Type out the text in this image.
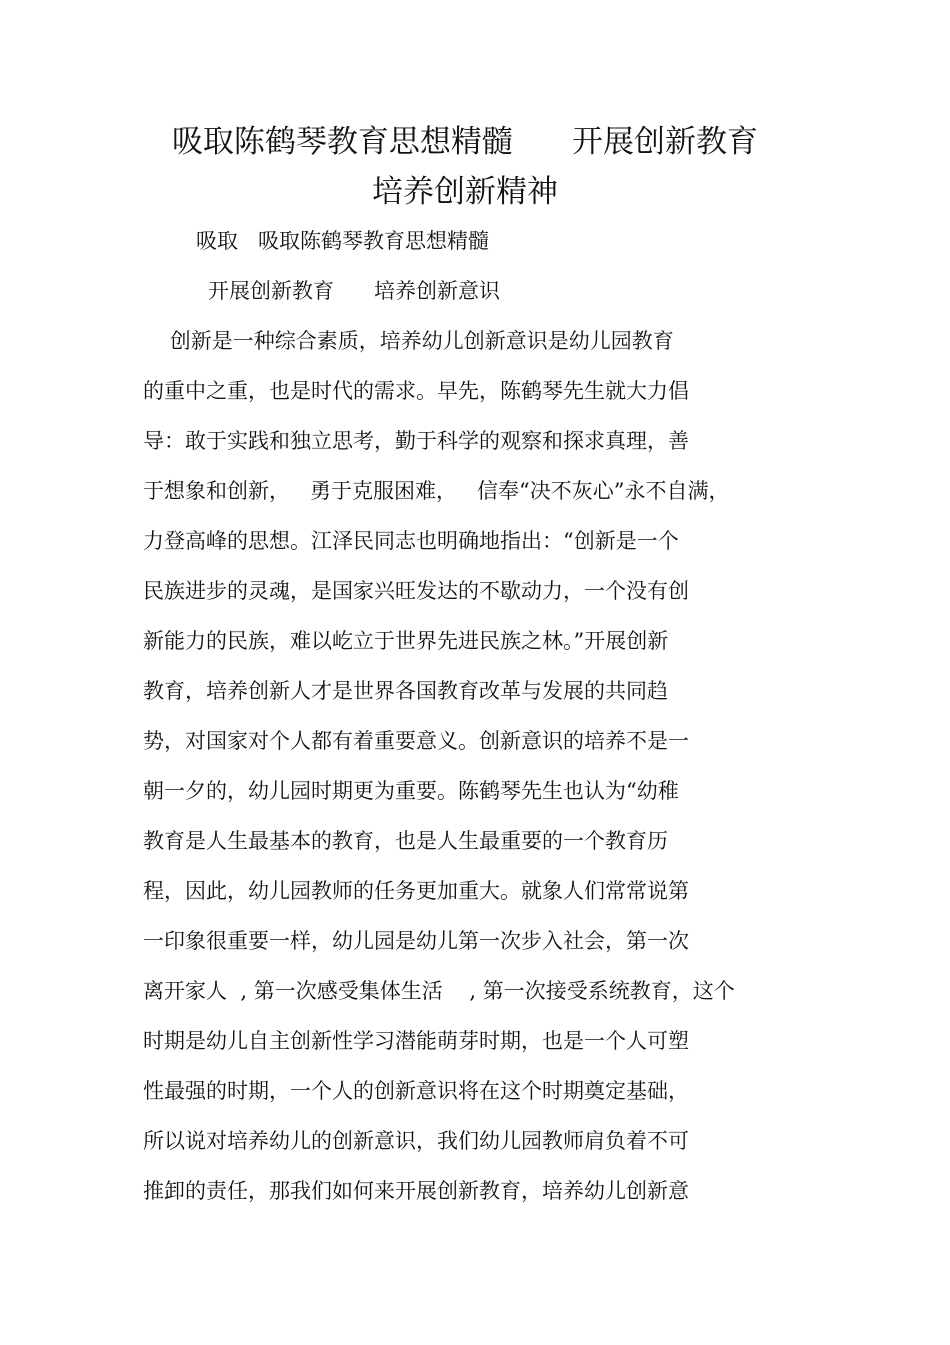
吸取陈鹤琴教育思想精髓      开展创新教育
培养创新精神
吸取   吸取陈鹤琴教育思想精髓
开展创新教育      培养创新意识
创新是一种综合素质，培养幼儿创新意识是幼儿园教育
的重中之重，也是时代的需求。早先，陈鹤琴先生就大力倡
导：敢于实践和独立思考，勤于科学的观察和探求真理，善
于想象和创新，   勇于克服困难，   信奉“决不灰心”永不自满，
力登高峰的思想。江泽民同志也明确地指出：“创新是一个
民族进步的灵魂，是国家兴旺发达的不歇动力，一个没有创
新能力的民族，难以屹立于世界先进民族之林。”开展创新
教育，培养创新人才是世界各国教育改革与发展的共同趋
势，对国家对个人都有着重要意义。创新意识的培养不是一
朝一夕的，幼儿园时期更为重要。陈鹤琴先生也认为“幼稚
教育是人生最基本的教育，也是人生最重要的一个教育历
程，因此，幼儿园教师的任务更加重大。就象人们常常说第
一印象很重要一样，幼儿园是幼儿第一次步入社会，第一次
离开家人  , 第一次感受集体生活    , 第一次接受系统教育，这个
时期是幼儿自主创新性学习潜能萌芽时期，也是一个人可塑
性最强的时期，一个人的创新意识将在这个时期奠定基础，
所以说对培养幼儿的创新意识，我们幼儿园教师肩负着不可
推卸的责任，那我们如何来开展创新教育，培养幼儿创新意
